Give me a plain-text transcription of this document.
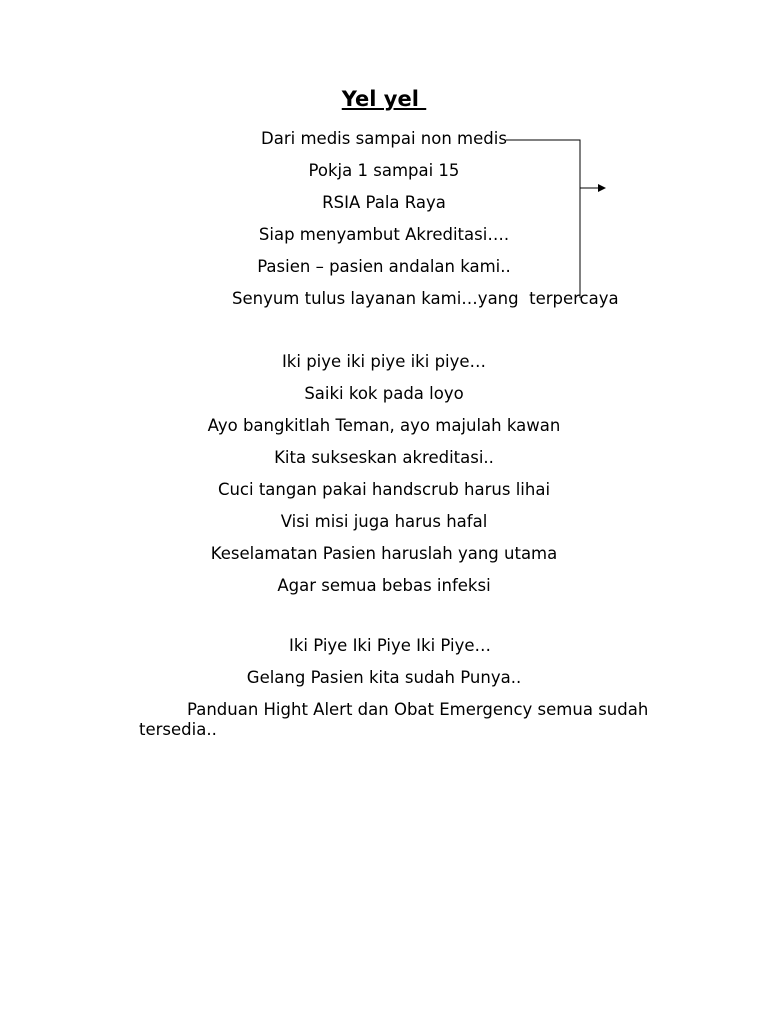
Yel yel
Dari medis sampai non medis
Pokja 1 sampai 15
RSIA Pala Raya
Siap menyambut Akreditasi….
Pasien – pasien andalan kami..
Senyum tulus layanan kami…yang  terpercaya
Iki piye iki piye iki piye…
Saiki kok pada loyo
Ayo bangkitlah Teman, ayo majulah kawan
Kita sukseskan akreditasi..
Cuci tangan pakai handscrub harus lihai
Visi misi juga harus hafal
Keselamatan Pasien haruslah yang utama
Agar semua bebas infeksi
Iki Piye Iki Piye Iki Piye…
Gelang Pasien kita sudah Punya..
Panduan Hight Alert dan Obat Emergency semua sudah tersedia..
